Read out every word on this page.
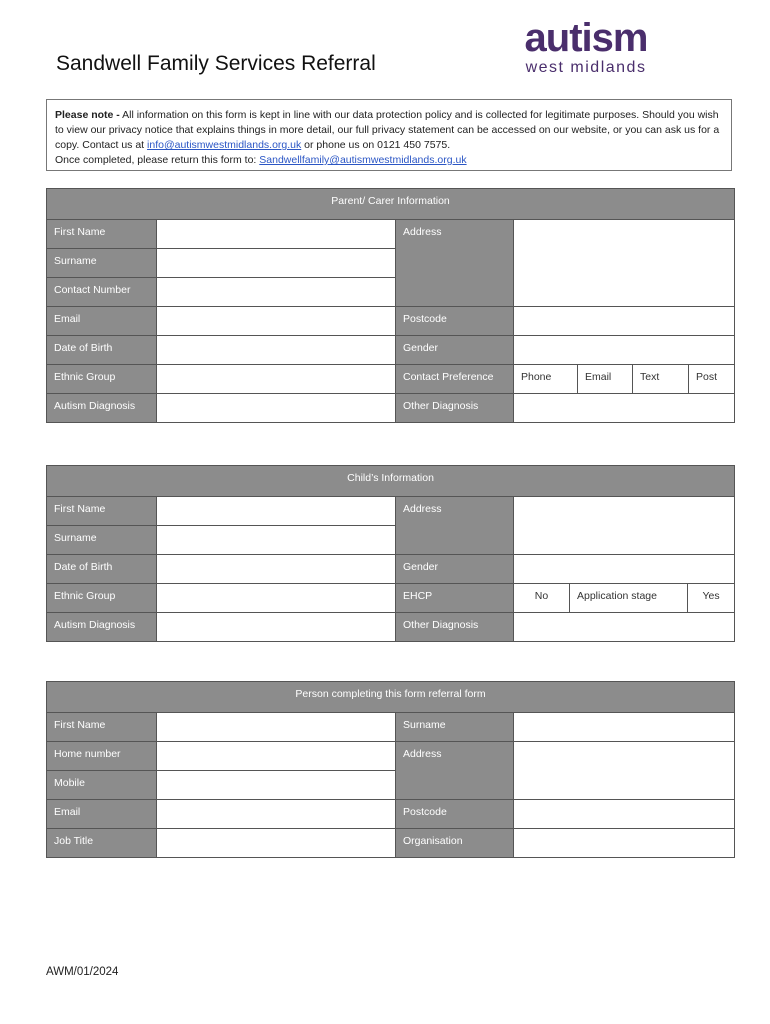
Sandwell Family Services Referral
autism
west midlands
Please note - All information on this form is kept in line with our data protection policy and is collected for legitimate purposes. Should you wish to view our privacy notice that explains things in more detail, our full privacy statement can be accessed on our website, or you can ask us for a copy. Contact us at info@autismwestmidlands.org.uk or phone us on 0121 450 7575.
Once completed, please return this form to: Sandwellfamily@autismwestmidlands.org.uk
Parent/ Carer Information						
First Name		Address				
Surname						
Contact Number						
Email		Postcode				
Date of Birth		Gender				
Ethnic Group		Contact Preference	Phone	Email	Text	Post
Autism Diagnosis		Other Diagnosis				
Child’s Information					
First Name		Address			
Surname					
Date of Birth		Gender			
Ethnic Group		EHCP	No	Application stage	Yes
Autism Diagnosis		Other Diagnosis			
Person completing this form referral form			
First Name		Surname	
Home number		Address	
Mobile			
Email		Postcode	
Job Title		Organisation	
AWM/01/2024
